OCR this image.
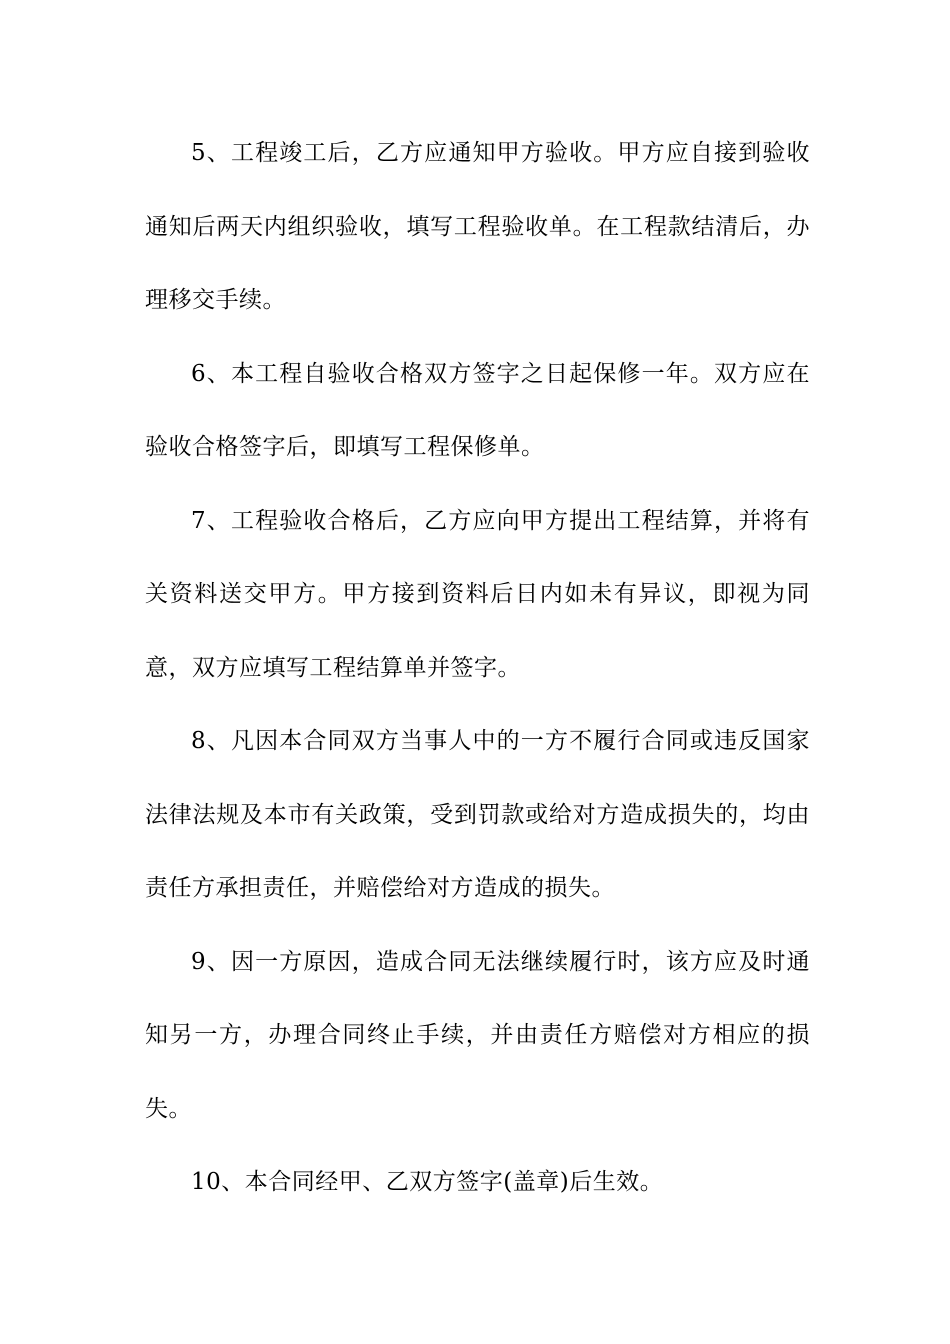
5、工程竣工后，乙方应通知甲方验收。甲方应自接到验收通知后两天内组织验收，填写工程验收单。在工程款结清后，办理移交手续。

6、本工程自验收合格双方签字之日起保修一年。双方应在验收合格签字后，即填写工程保修单。

7、工程验收合格后，乙方应向甲方提出工程结算，并将有关资料送交甲方。甲方接到资料后日内如未有异议，即视为同意，双方应填写工程结算单并签字。

8、凡因本合同双方当事人中的一方不履行合同或违反国家法律法规及本市有关政策，受到罚款或给对方造成损失的，均由责任方承担责任，并赔偿给对方造成的损失。

9、因一方原因，造成合同无法继续履行时，该方应及时通知另一方，办理合同终止手续，并由责任方赔偿对方相应的损失。

10、本合同经甲、乙双方签字(盖章)后生效。
